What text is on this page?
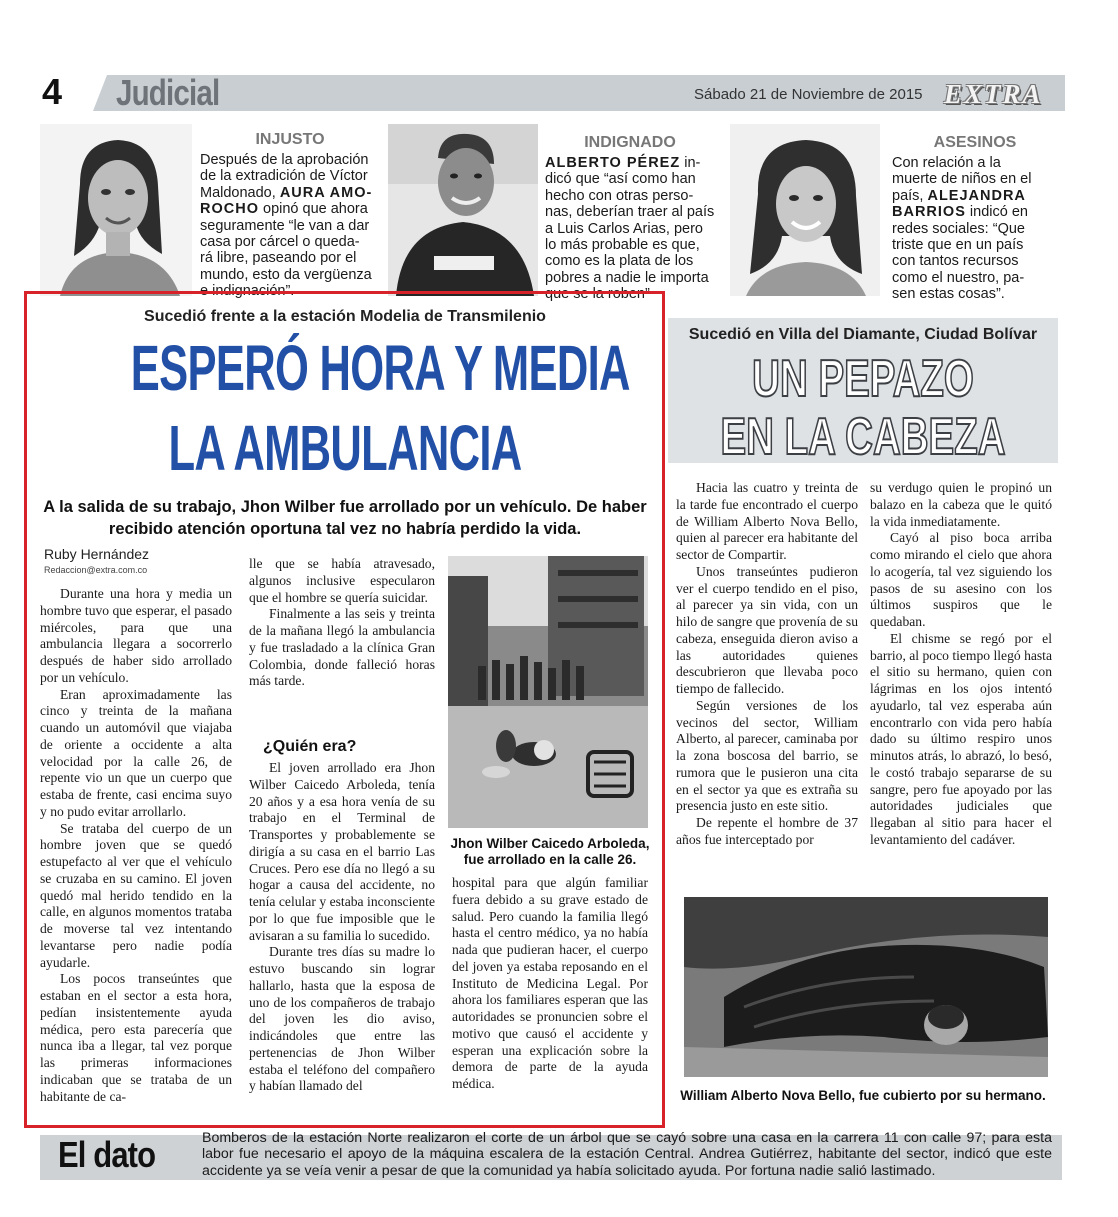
4	Judicial	Sábado 21 de Noviembre de 2015 EXTRA
INJUSTO
Después de la aprobación
de la extradición de Víctor
Maldonado, AURA AMO-
ROCHO opinó que ahora
seguramente “le van a dar
casa por cárcel o queda-
rá libre, paseando por el
mundo, esto da vergüenza
e indignación”.
INDIGNADO
ALBERTO PÉREZ in-
dicó que “así como han
hecho con otras perso-
nas, deberían traer al país
a Luis Carlos Arias, pero
lo más probable es que,
como es la plata de los
pobres a nadie le importa
que se la roben”
ASESINOS
Con relación a la
muerte de niños en el
país, ALEJANDRA
BARRIOS indicó en
redes sociales: “Que
triste que en un país
con tantos recursos
como el nuestro, pa-
sen estas cosas”.
Sucedió frente a la estación Modelia de Transmilenio
ESPERÓ HORA Y MEDIA
LA AMBULANCIA
A la salida de su trabajo, Jhon Wilber fue arrollado por un vehículo. De haber
recibido atención oportuna tal vez no habría perdido la vida.
Ruby Hernández
Redaccion@extra.com.co

Durante una hora y media un hombre tuvo que esperar, el pasado miércoles, para que una ambulancia llegara a socorrerlo después de haber sido arrollado por un vehículo.

Eran aproximadamente las cinco y treinta de la mañana cuando un automóvil que viajaba de oriente a occidente a alta velocidad por la calle 26, de repente vio un que un cuerpo que estaba de frente, casi encima suyo y no pudo evitar arrollarlo.

Se trataba del cuerpo de un hombre joven que se quedó estupefacto al ver que el vehículo se cruzaba en su camino. El joven quedó mal herido tendido en la calle, en algunos momentos trataba de moverse tal vez intentando levantarse pero nadie podía ayudarle.

Los pocos transeúntes que estaban en el sector a esta hora, pedían insistentemente ayuda médica, pero esta parecería que nunca iba a llegar, tal vez porque las primeras informaciones indicaban que se trataba de un habitante de ca-

lle que se había atravesado, algunos inclusive especularon que el hombre se quería suicidar.

Finalmente a las seis y treinta de la mañana llegó la ambulancia y fue trasladado a la clínica Gran Colombia, donde falleció horas más tarde.

¿Quién era?

El joven arrollado era Jhon Wilber Caicedo Arboleda, tenía 20 años y a esa hora venía de su trabajo en el Terminal de Transportes y probablemente se dirigía a su casa en el barrio Las Cruces. Pero ese día no llegó a su hogar a causa del accidente, no tenía celular y estaba inconsciente por lo que fue imposible que le avisaran a su familia lo sucedido.

Durante tres días su madre lo estuvo buscando sin lograr hallarlo, hasta que la esposa de uno de los compañeros de trabajo del joven les dio aviso, indicándoles que entre las pertenencias de Jhon Wilber estaba el teléfono del compañero y habían llamado del

Jhon Wilber Caicedo Arboleda,
fue arrollado en la calle 26.

hospital para que algún familiar fuera debido a su grave estado de salud. Pero cuando la familia llegó hasta el centro médico, ya no había nada que pudieran hacer, el cuerpo del joven ya estaba reposando en el Instituto de Medicina Legal. Por ahora los familiares esperan que las autoridades se pronuncien sobre el motivo que causó el accidente y esperan una explicación sobre la demora de parte de la ayuda médica.

Sucedió en Villa del Diamante, Ciudad Bolívar
UN PEPAZO
EN LA CABEZA

Hacia las cuatro y treinta de la tarde fue encontrado el cuerpo de William Alberto Nova Bello, quien al parecer era habitante del sector de Compartir.

Unos transeúntes pudieron ver el cuerpo tendido en el piso, al parecer ya sin vida, con un hilo de sangre que provenía de su cabeza, enseguida dieron aviso a las autoridades quienes descubrieron que llevaba poco tiempo de fallecido.

Según versiones de los vecinos del sector, William Alberto, al parecer, caminaba por la zona boscosa del barrio, se rumora que le pusieron una cita en el sector ya que es extraña su presencia justo en este sitio.

De repente el hombre de 37 años fue interceptado por

su verdugo quien le propinó un balazo en la cabeza que le quitó la vida inmediatamente.

Cayó al piso boca arriba como mirando el cielo que ahora lo acogería, tal vez siguiendo los pasos de su asesino con los últimos suspiros que le quedaban.

El chisme se regó por el barrio, al poco tiempo llegó hasta el sitio su hermano, quien con lágrimas en los ojos intentó ayudarlo, tal vez esperaba aún encontrarlo con vida pero había dado su último respiro unos minutos atrás, lo abrazó, lo besó, le costó trabajo separarse de su sangre, pero fue apoyado por las autoridades judiciales que llegaban al sitio para hacer el levantamiento del cadáver.

William Alberto Nova Bello, fue cubierto por su hermano.
El dato	Bomberos de la estación Norte realizaron el corte de un árbol que se cayó sobre una casa en la carrera 11 con calle 97; para esta labor fue necesario el apoyo de la máquina escalera de la estación Central. Andrea Gutiérrez, habitante del sector, indicó que este accidente ya se veía venir a pesar de que la comunidad ya había solicitado ayuda. Por fortuna nadie salió lastimado.
